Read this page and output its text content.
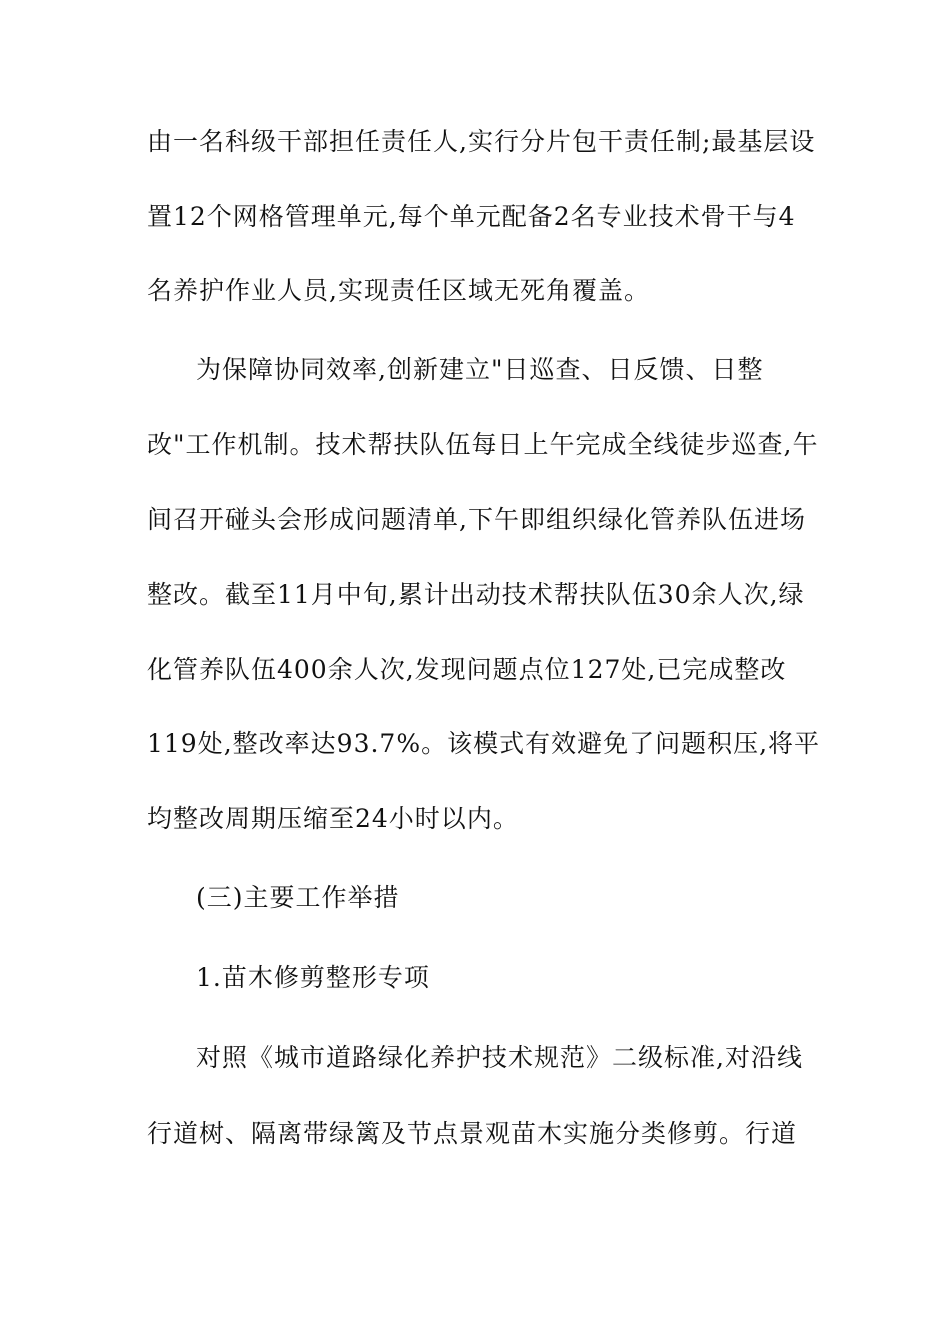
由一名科级干部担任责任人,实行分片包干责任制;最基层设
置12个网格管理单元,每个单元配备2名专业技术骨干与4
名养护作业人员,实现责任区域无死角覆盖。
为保障协同效率,创新建立"日巡查、日反馈、日整
改"工作机制。技术帮扶队伍每日上午完成全线徒步巡查,午
间召开碰头会形成问题清单,下午即组织绿化管养队伍进场
整改。截至11月中旬,累计出动技术帮扶队伍30余人次,绿
化管养队伍400余人次,发现问题点位127处,已完成整改
119处,整改率达93.7%。该模式有效避免了问题积压,将平
均整改周期压缩至24小时以内。
(三)主要工作举措
1.苗木修剪整形专项
对照《城市道路绿化养护技术规范》二级标准,对沿线
行道树、隔离带绿篱及节点景观苗木实施分类修剪。行道
